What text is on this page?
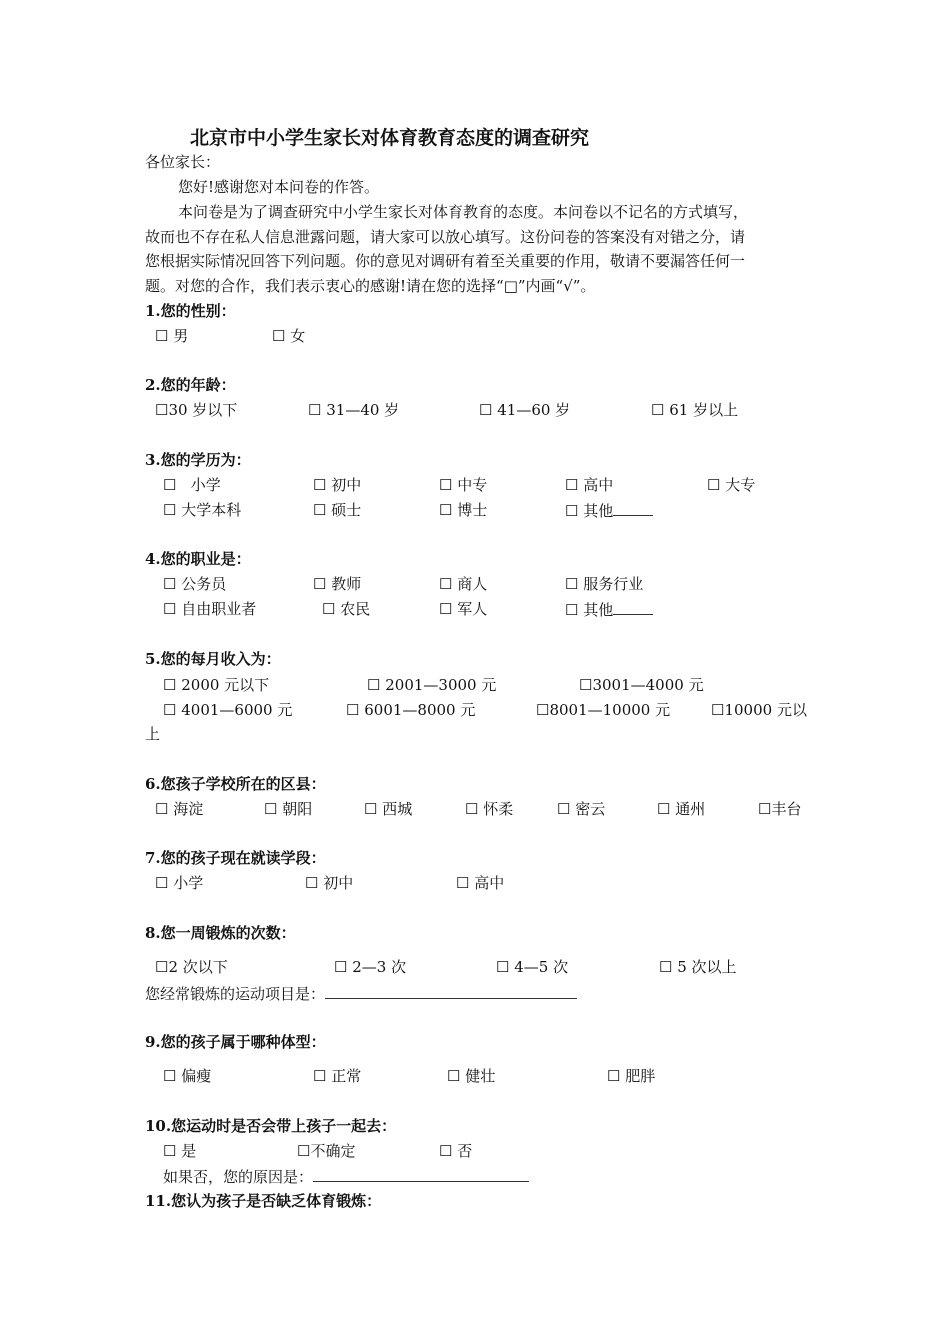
北京市中小学生家长对体育教育态度的调查研究
各位家长：
您好!感谢您对本问卷的作答。
本问卷是为了调查研究中小学生家长对体育教育的态度。本问卷以不记名的方式填写，
故而也不存在私人信息泄露问题，请大家可以放心填写。这份问卷的答案没有对错之分，请
您根据实际情况回答下列问题。你的意见对调研有着至关重要的作用，敬请不要漏答任何一
题。对您的合作，我们表示衷心的感谢!请在您的选择“□”内画“√”。
1.您的性别：
☐ 男	☐ 女
2.您的年龄：
☐30 岁以下	☐ 31—40 岁	☐ 41—60 岁	☐ 61 岁以上
3.您的学历为：
☐ 小学	☐ 初中	☐ 中专	☐ 高中	☐ 大专
☐ 大学本科	☐ 硕士	☐ 博士	☐ 其他
4.您的职业是：
☐ 公务员	☐ 教师	☐ 商人	☐ 服务行业
☐ 自由职业者	☐ 农民	☐ 军人	☐ 其他
5.您的每月收入为：
☐ 2000 元以下	☐ 2001—3000 元	☐3001—4000 元
☐ 4001—6000 元	☐ 6001—8000 元	☐8001—10000 元	☐10000 元以
上
6.您孩子学校所在的区县：
☐ 海淀	☐ 朝阳	☐ 西城	☐ 怀柔	☐ 密云	☐ 通州	☐丰台
7.您的孩子现在就读学段：
☐ 小学	☐ 初中	☐ 高中
8.您一周锻炼的次数：
☐2 次以下	☐ 2—3 次	☐ 4—5 次	☐ 5 次以上
您经常锻炼的运动项目是：
9.您的孩子属于哪种体型：
☐ 偏瘦	☐ 正常	☐ 健壮	☐ 肥胖
10.您运动时是否会带上孩子一起去：
☐ 是	☐不确定	☐ 否
如果否，您的原因是：
11.您认为孩子是否缺乏体育锻炼：
